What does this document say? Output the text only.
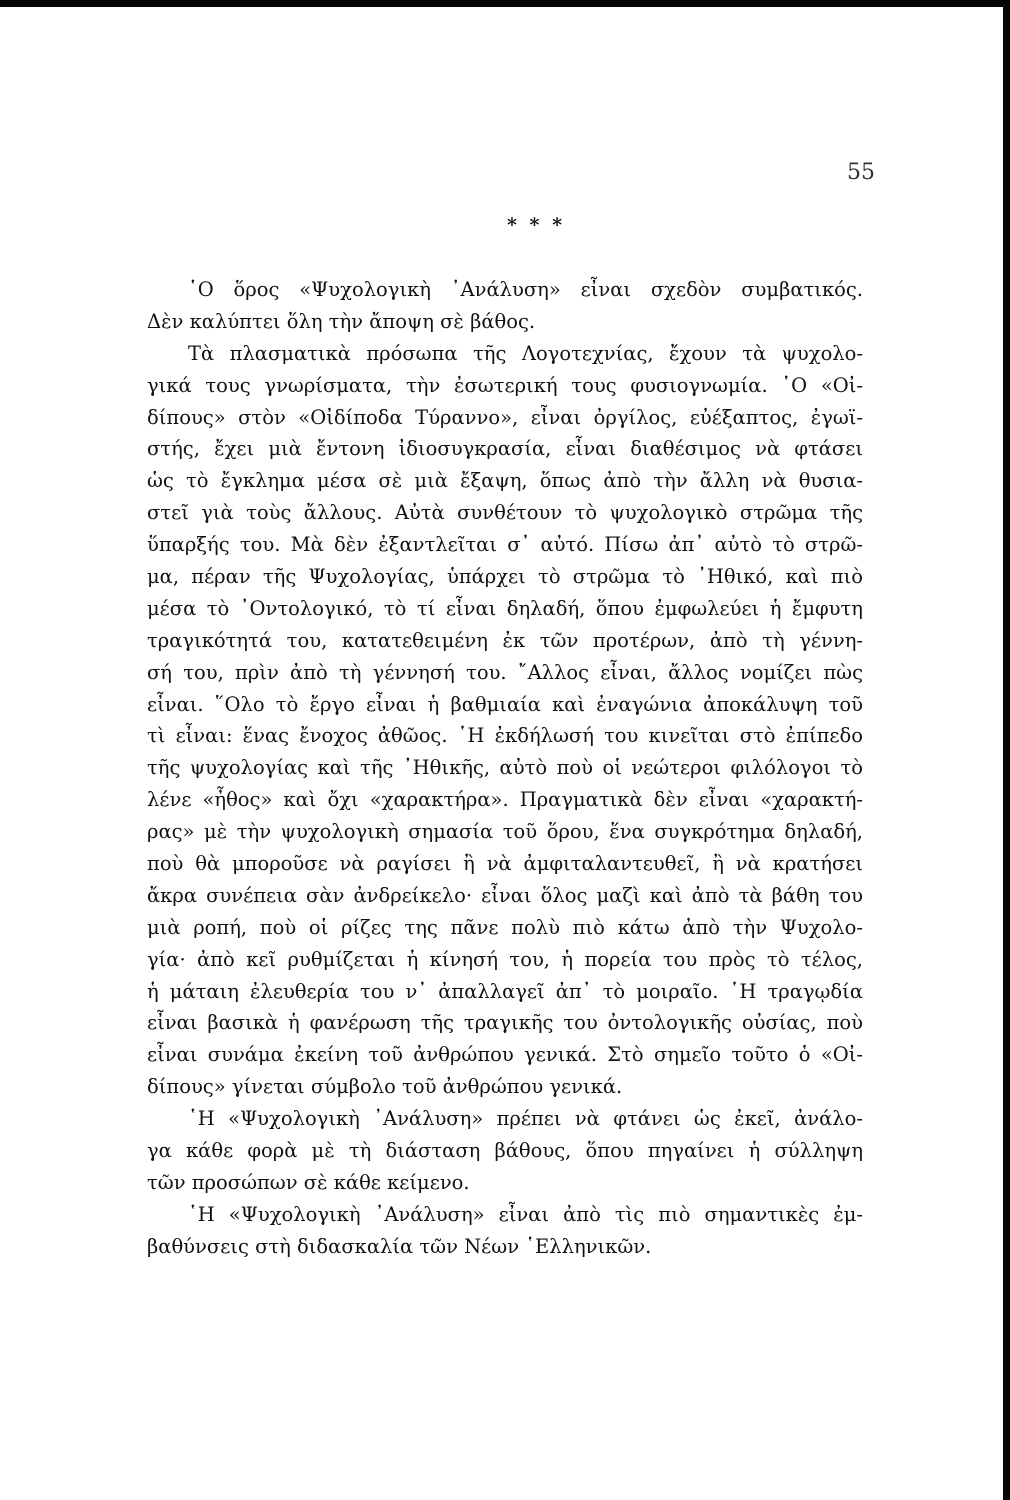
55

* * *

῾Ο ὅρος «Ψυχολογικὴ ᾿Ανάλυση» εἶναι σχεδὸν συμβατικός.
Δὲν καλύπτει ὅλη τὴν ἄποψη σὲ βάθος.
Τὰ πλασματικὰ πρόσωπα τῆς Λογοτεχνίας, ἔχουν τὰ ψυχολο-
γικά τους γνωρίσματα, τὴν ἐσωτερική τους φυσιογνωμία. ῾Ο «Οἰ-
δίπους» στὸν «Οἰδίποδα Τύραννο», εἶναι ὀργίλος, εὐέξαπτος, ἐγωϊ-
στής, ἔχει μιὰ ἔντονη ἰδιοσυγκρασία, εἶναι διαθέσιμος νὰ φτάσει
ὡς τὸ ἔγκλημα μέσα σὲ μιὰ ἔξαψη, ὅπως ἀπὸ τὴν ἄλλη νὰ θυσια-
στεῖ γιὰ τοὺς ἄλλους. Αὐτὰ συνθέτουν τὸ ψυχολογικὸ στρῶμα τῆς
ὕπαρξής του. Μὰ δὲν ἐξαντλεῖται σ᾿ αὐτό. Πίσω ἀπ᾿ αὐτὸ τὸ στρῶ-
μα, πέραν τῆς Ψυχολογίας, ὑπάρχει τὸ στρῶμα τὸ ᾿Ηθικό, καὶ πιὸ
μέσα τὸ ᾿Οντολογικό, τὸ τί εἶναι δηλαδή, ὅπου ἐμφωλεύει ἡ ἔμφυτη
τραγικότητά του, κατατεθειμένη ἐκ τῶν προτέρων, ἀπὸ τὴ γέννη-
σή του, πρὶν ἀπὸ τὴ γέννησή του. ῎Αλλος εἶναι, ἄλλος νομίζει πὼς
εἶναι. ῞Ολο τὸ ἔργο εἶναι ἡ βαθμιαία καὶ ἐναγώνια ἀποκάλυψη τοῦ
τὶ εἶναι: ἕνας ἔνοχος ἀθῶος. ῾Η ἐκδήλωσή του κινεῖται στὸ ἐπίπεδο
τῆς ψυχολογίας καὶ τῆς ᾿Ηθικῆς, αὐτὸ ποὺ οἱ νεώτεροι φιλόλογοι τὸ
λένε «ἦθος» καὶ ὄχι «χαρακτήρα». Πραγματικὰ δὲν εἶναι «χαρακτή-
ρας» μὲ τὴν ψυχολογικὴ σημασία τοῦ ὅρου, ἕνα συγκρότημα δηλαδή,
ποὺ θὰ μποροῦσε νὰ ραγίσει ἢ νὰ ἀμφιταλαντευθεῖ, ἢ νὰ κρατήσει
ἄκρα συνέπεια σὰν ἀνδρείκελο· εἶναι ὅλος μαζὶ καὶ ἀπὸ τὰ βάθη του
μιὰ ροπή, ποὺ οἱ ρίζες της πᾶνε πολὺ πιὸ κάτω ἀπὸ τὴν Ψυχολο-
γία· ἀπὸ κεῖ ρυθμίζεται ἡ κίνησή του, ἡ πορεία του πρὸς τὸ τέλος,
ἡ μάταιη ἐλευθερία του ν᾿ ἀπαλλαγεῖ ἀπ᾿ τὸ μοιραῖο. ῾Η τραγῳδία
εἶναι βασικὰ ἡ φανέρωση τῆς τραγικῆς του ὀντολογικῆς οὐσίας, ποὺ
εἶναι συνάμα ἐκείνη τοῦ ἀνθρώπου γενικά. Στὸ σημεῖο τοῦτο ὁ «Οἰ-
δίπους» γίνεται σύμβολο τοῦ ἀνθρώπου γενικά.
῾Η «Ψυχολογικὴ ᾿Ανάλυση» πρέπει νὰ φτάνει ὡς ἐκεῖ, ἀνάλο-
γα κάθε φορὰ μὲ τὴ διάσταση βάθους, ὅπου πηγαίνει ἡ σύλληψη
τῶν προσώπων σὲ κάθε κείμενο.
῾Η «Ψυχολογικὴ ᾿Ανάλυση» εἶναι ἀπὸ τὶς πιὸ σημαντικὲς ἐμ-
βαθύνσεις στὴ διδασκαλία τῶν Νέων ῾Ελληνικῶν.
